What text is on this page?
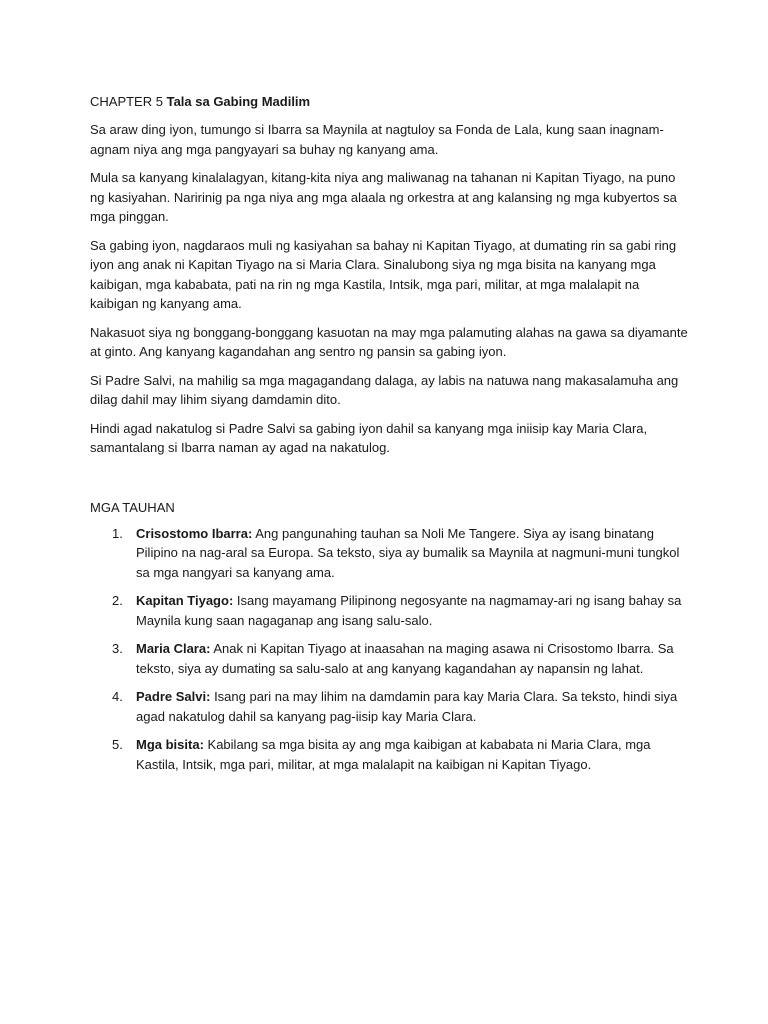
CHAPTER 5 Tala sa Gabing Madilim

Sa araw ding iyon, tumungo si Ibarra sa Maynila at nagtuloy sa Fonda de Lala, kung saan inagnam-agnam niya ang mga pangyayari sa buhay ng kanyang ama.

Mula sa kanyang kinalalagyan, kitang-kita niya ang maliwanag na tahanan ni Kapitan Tiyago, na puno ng kasiyahan. Naririnig pa nga niya ang mga alaala ng orkestra at ang kalansing ng mga kubyertos sa mga pinggan.

Sa gabing iyon, nagdaraos muli ng kasiyahan sa bahay ni Kapitan Tiyago, at dumating rin sa gabi ring iyon ang anak ni Kapitan Tiyago na si Maria Clara. Sinalubong siya ng mga bisita na kanyang mga kaibigan, mga kababata, pati na rin ng mga Kastila, Intsik, mga pari, militar, at mga malalapit na kaibigan ng kanyang ama.

Nakasuot siya ng bonggang-bonggang kasuotan na may mga palamuting alahas na gawa sa diyamante at ginto. Ang kanyang kagandahan ang sentro ng pansin sa gabing iyon.

Si Padre Salvi, na mahilig sa mga magagandang dalaga, ay labis na natuwa nang makasalamuha ang dilag dahil may lihim siyang damdamin dito.

Hindi agad nakatulog si Padre Salvi sa gabing iyon dahil sa kanyang mga iniisip kay Maria Clara, samantalang si Ibarra naman ay agad na nakatulog.

MGA TAUHAN
1. Crisostomo Ibarra: Ang pangunahing tauhan sa Noli Me Tangere. Siya ay isang binatang Pilipino na nag-aral sa Europa. Sa teksto, siya ay bumalik sa Maynila at nagmuni-muni tungkol sa mga nangyari sa kanyang ama.
2. Kapitan Tiyago: Isang mayamang Pilipinong negosyante na nagmamay-ari ng isang bahay sa Maynila kung saan nagaganap ang isang salu-salo.
3. Maria Clara: Anak ni Kapitan Tiyago at inaasahan na maging asawa ni Crisostomo Ibarra. Sa teksto, siya ay dumating sa salu-salo at ang kanyang kagandahan ay napansin ng lahat.
4. Padre Salvi: Isang pari na may lihim na damdamin para kay Maria Clara. Sa teksto, hindi siya agad nakatulog dahil sa kanyang pag-iisip kay Maria Clara.
5. Mga bisita: Kabilang sa mga bisita ay ang mga kaibigan at kababata ni Maria Clara, mga Kastila, Intsik, mga pari, militar, at mga malalapit na kaibigan ni Kapitan Tiyago.
